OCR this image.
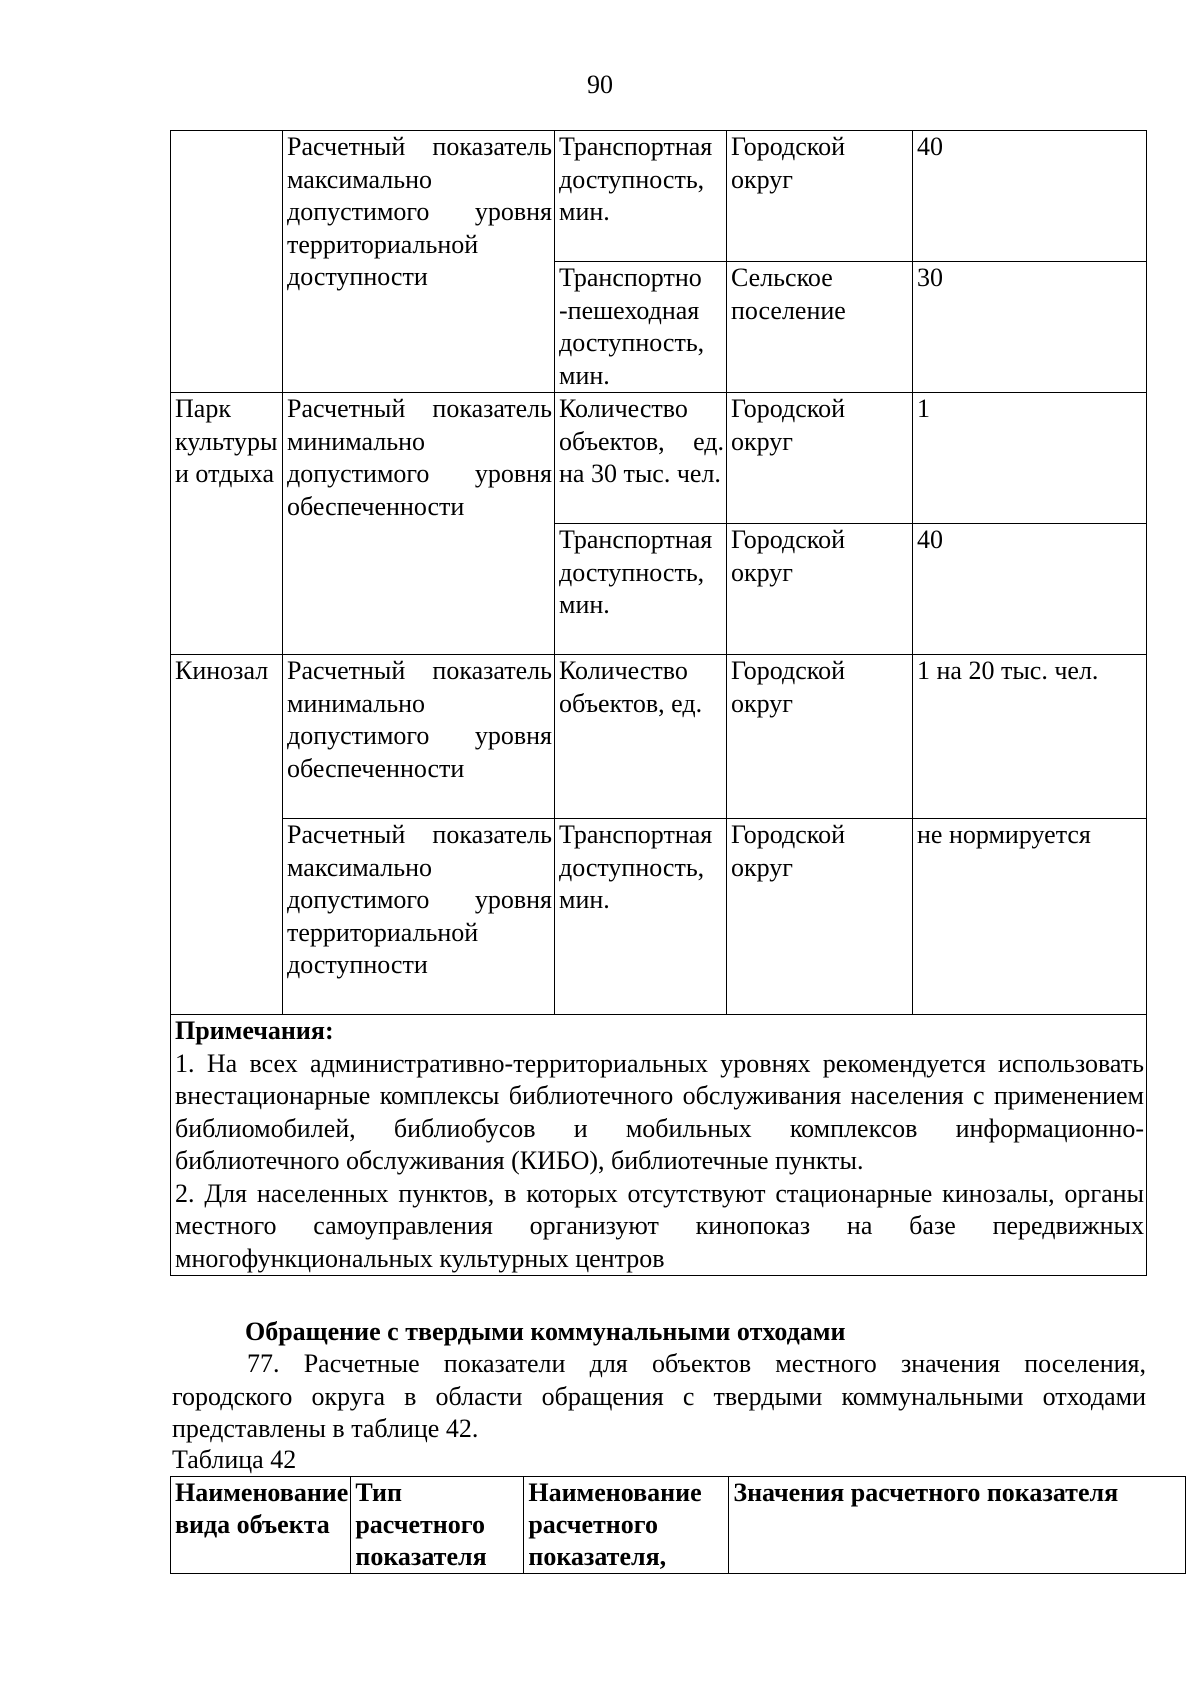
90
	Расчетный показатель максимально допустимого уровня территориальной доступности	Транспортная доступность, мин.	Городской округ	40
		Транспортно -пешеходная доступность, мин.	Сельское поселение	30
Парк культуры и отдыха	Расчетный показатель минимально допустимого уровня обеспеченности	Количество объектов, ед. на 30 тыс. чел.	Городской округ	1
		Транспортная доступность, мин.	Городской округ	40
Кинозал	Расчетный показатель минимально допустимого уровня обеспеченности	Количество объектов, ед.	Городской округ	1 на 20 тыс. чел.
	Расчетный показатель максимально допустимого уровня территориальной доступности	Транспортная доступность, мин.	Городской округ	не нормируется

Примечания:

1. На всех административно-территориальных уровнях рекомендуется использовать внестационарные комплексы библиотечного обслуживания населения с применением библиомобилей, библиобусов и мобильных комплексов информационно-библиотечного обслуживания (КИБО), библиотечные пункты.

2. Для населенных пунктов, в которых отсутствуют стационарные кинозалы, органы местного самоуправления организуют кинопоказ на базе передвижных многофункциональных культурных центров				

Обращение с твердыми коммунальными отходами

77. Расчетные показатели для объектов местного значения поселения, городского округа в области обращения с твердыми коммунальными отходами представлены в таблице 42.

Таблица 42
Наименование вида объекта	Тип расчетного показателя	Наименование расчетного показателя,	Значения расчетного показателя
